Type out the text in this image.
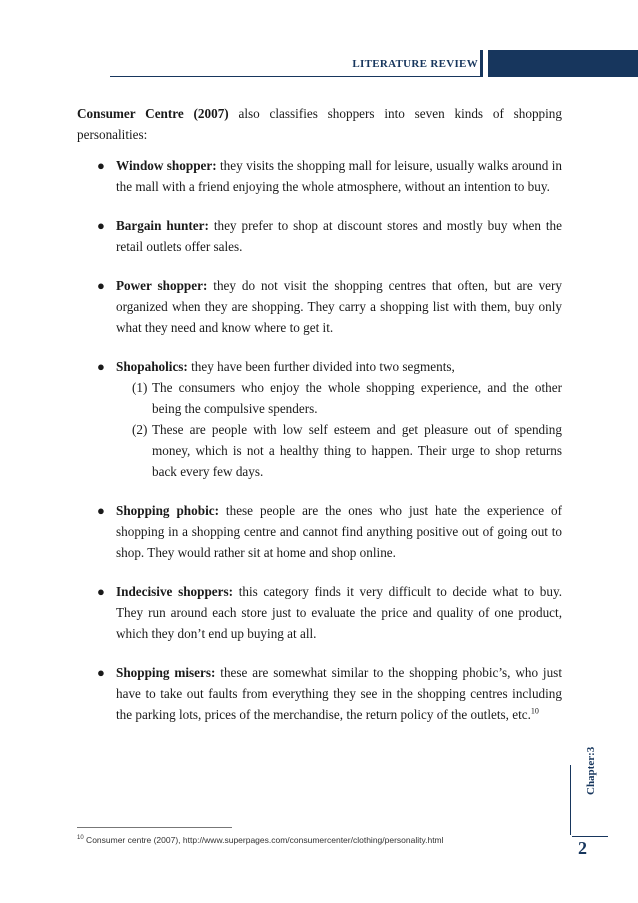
LITERATURE REVIEW

Consumer Centre (2007) also classifies shoppers into seven kinds of shopping personalities:

● Window shopper: they visits the shopping mall for leisure, usually walks around in the mall with a friend enjoying the whole atmosphere, without an intention to buy.
● Bargain hunter: they prefer to shop at discount stores and mostly buy when the retail outlets offer sales.
● Power shopper: they do not visit the shopping centres that often, but are very organized when they are shopping. They carry a shopping list with them, buy only what they need and know where to get it.
● Shopaholics: they have been further divided into two segments,
(1) The consumers who enjoy the whole shopping experience, and the other being the compulsive spenders.
(2) These are people with low self esteem and get pleasure out of spending money, which is not a healthy thing to happen. Their urge to shop returns back every few days.
● Shopping phobic: these people are the ones who just hate the experience of shopping in a shopping centre and cannot find anything positive out of going out to shop. They would rather sit at home and shop online.
● Indecisive shoppers: this category finds it very difficult to decide what to buy. They run around each store just to evaluate the price and quality of one product, which they don’t end up buying at all.
● Shopping misers: these are somewhat similar to the shopping phobic’s, who just have to take out faults from everything they see in the shopping centres including the parking lots, prices of the merchandise, the return policy of the outlets, etc.$^{10}$
Chapter:3
2
$^{10}$ Consumer centre (2007), http://www.superpages.com/consumercenter/clothing/personality.html
